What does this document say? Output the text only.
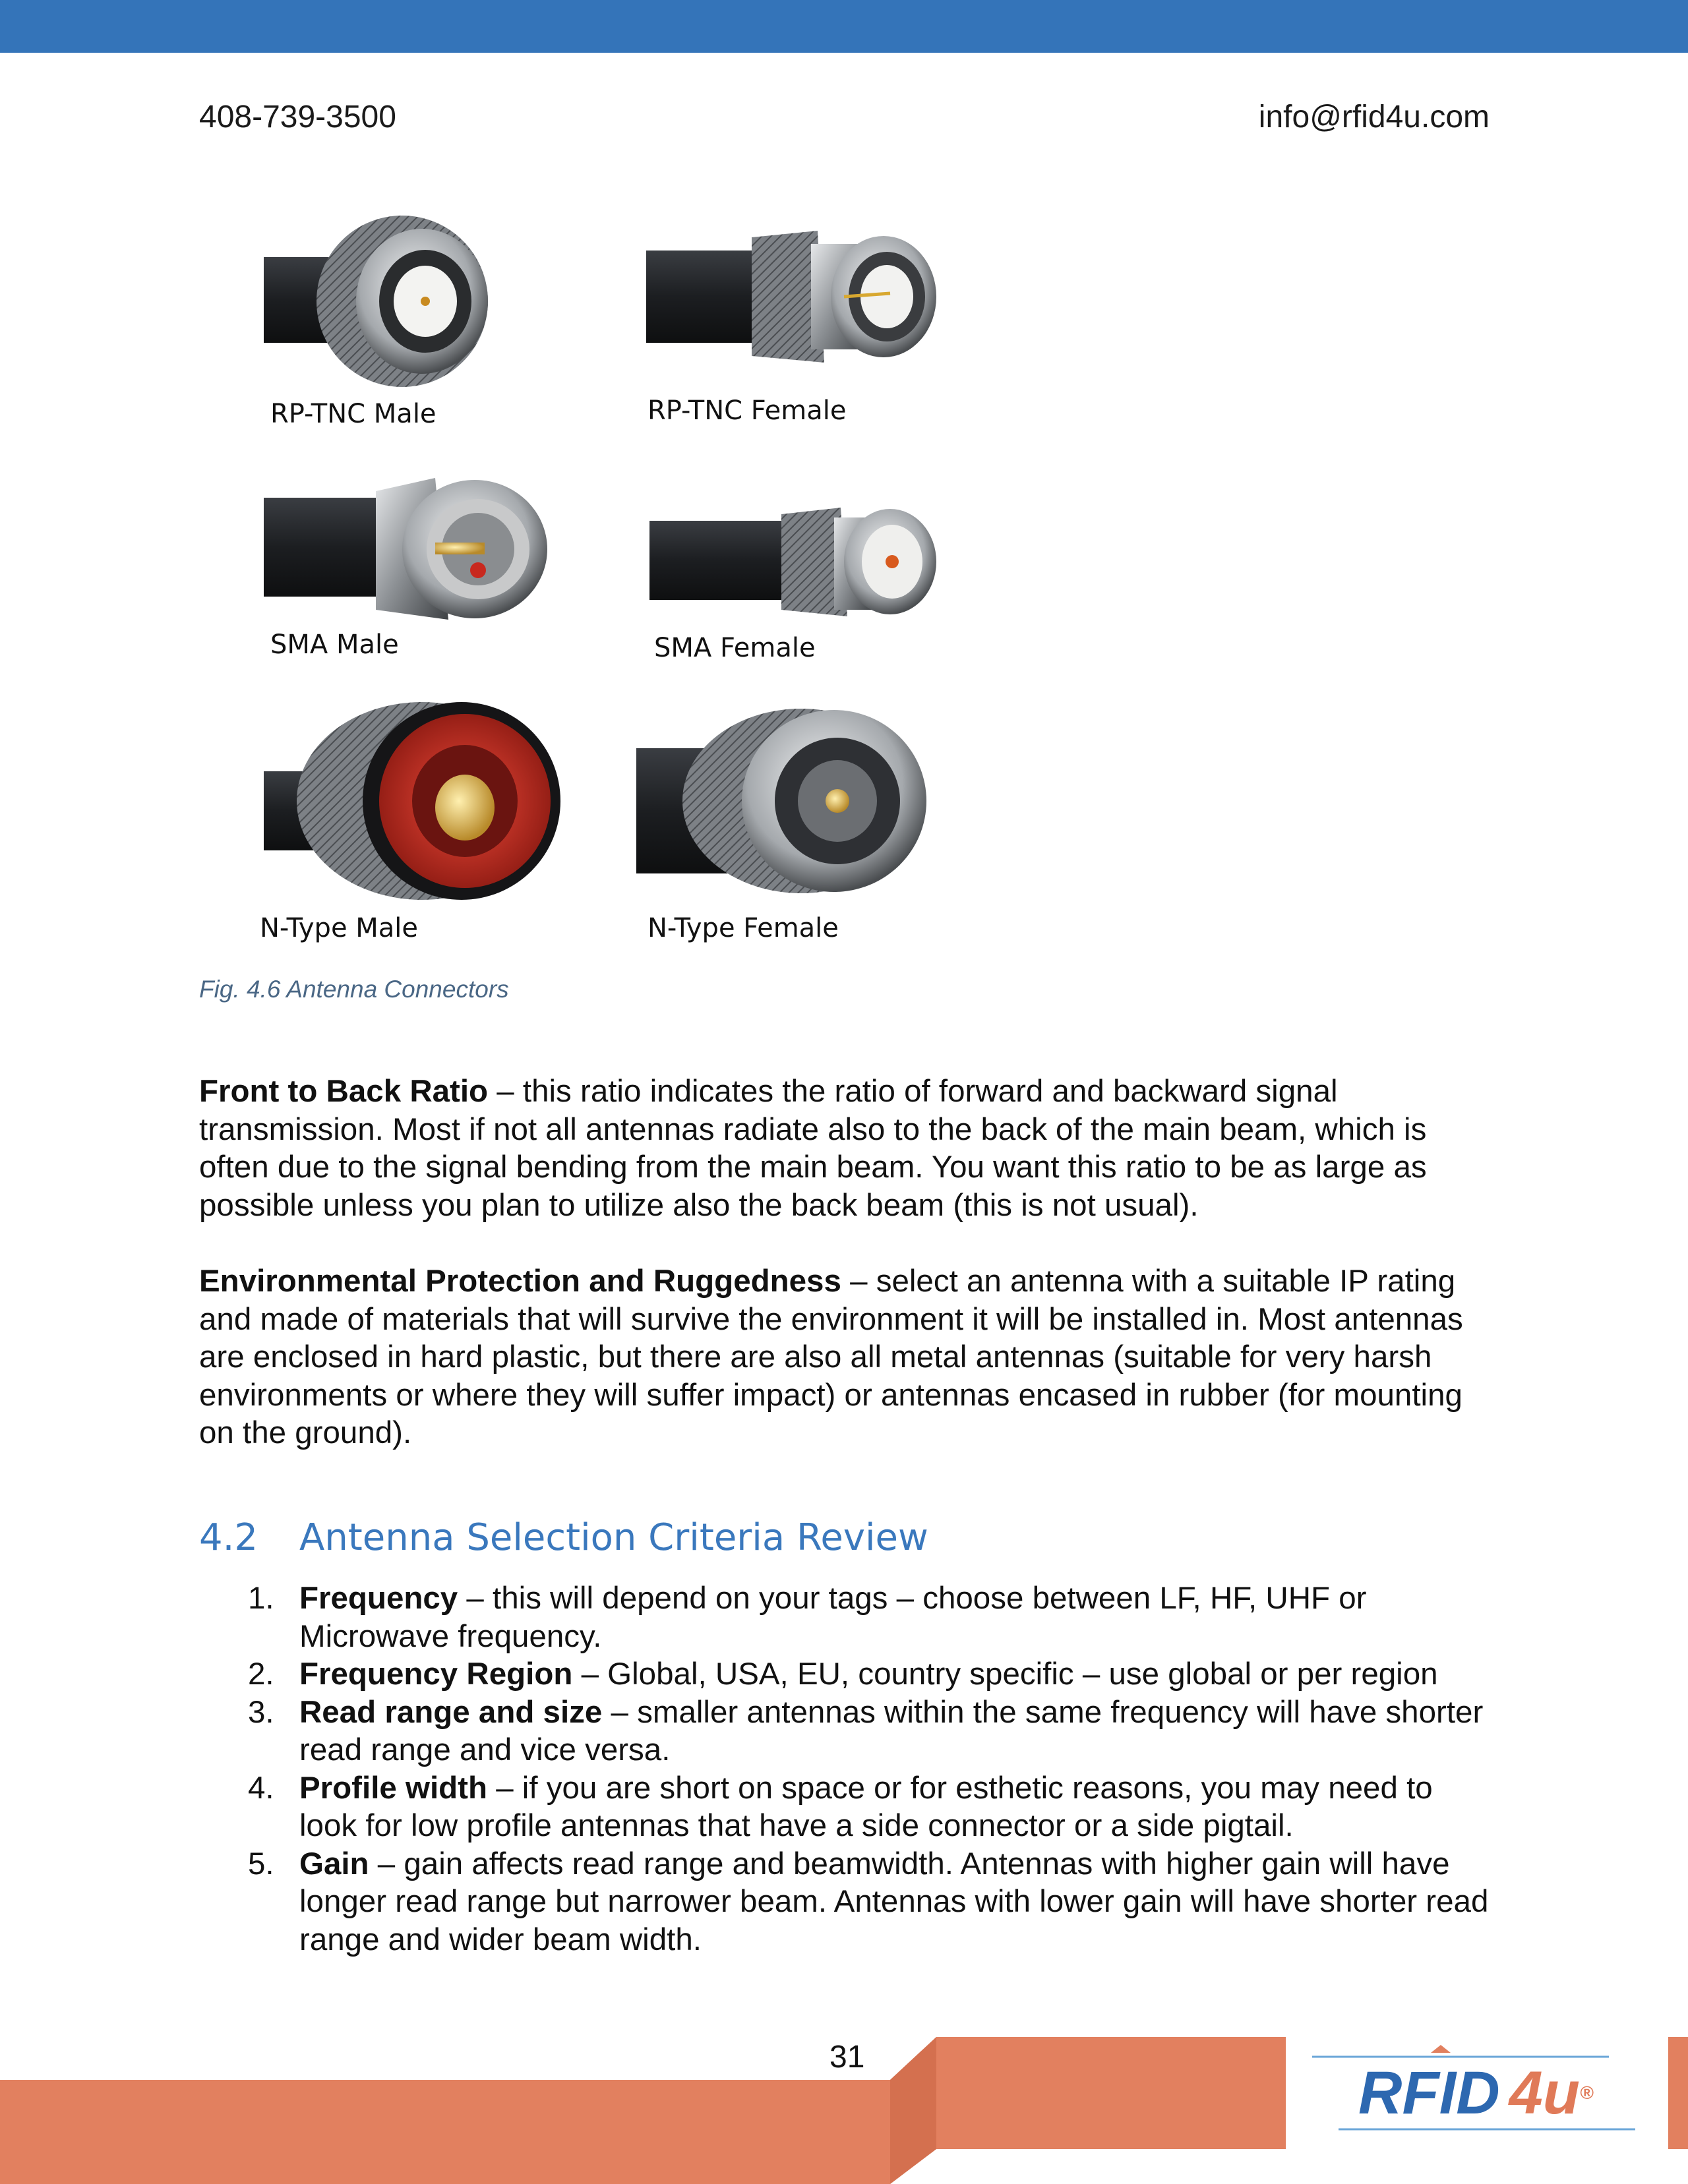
408-739-3500	info@rfid4u.com
RP-TNC Male	RP-TNC Female
SMA Male	SMA Female
N-Type Male	N-Type Female
Fig. 4.6 Antenna Connectors
Front to Back Ratio – this ratio indicates the ratio of forward and backward signal transmission. Most if not all antennas radiate also to the back of the main beam, which is often due to the signal bending from the main beam. You want this ratio to be as large as possible unless you plan to utilize also the back beam (this is not usual).
Environmental Protection and Ruggedness – select an antenna with a suitable IP rating and made of materials that will survive the environment it will be installed in. Most antennas are enclosed in hard plastic, but there are also all metal antennas (suitable for very harsh environments or where they will suffer impact) or antennas encased in rubber (for mounting on the ground).
4.2 Antenna Selection Criteria Review
1. Frequency – this will depend on your tags – choose between LF, HF, UHF or Microwave frequency.
2. Frequency Region – Global, USA, EU, country specific – use global or per region
3. Read range and size – smaller antennas within the same frequency will have shorter read range and vice versa.
4. Profile width – if you are short on space or for esthetic reasons, you may need to look for low profile antennas that have a side connector or a side pigtail.
5. Gain – gain affects read range and beamwidth. Antennas with higher gain will have longer read range but narrower beam. Antennas with lower gain will have shorter read range and wider beam width.
RFID 4u®
31
